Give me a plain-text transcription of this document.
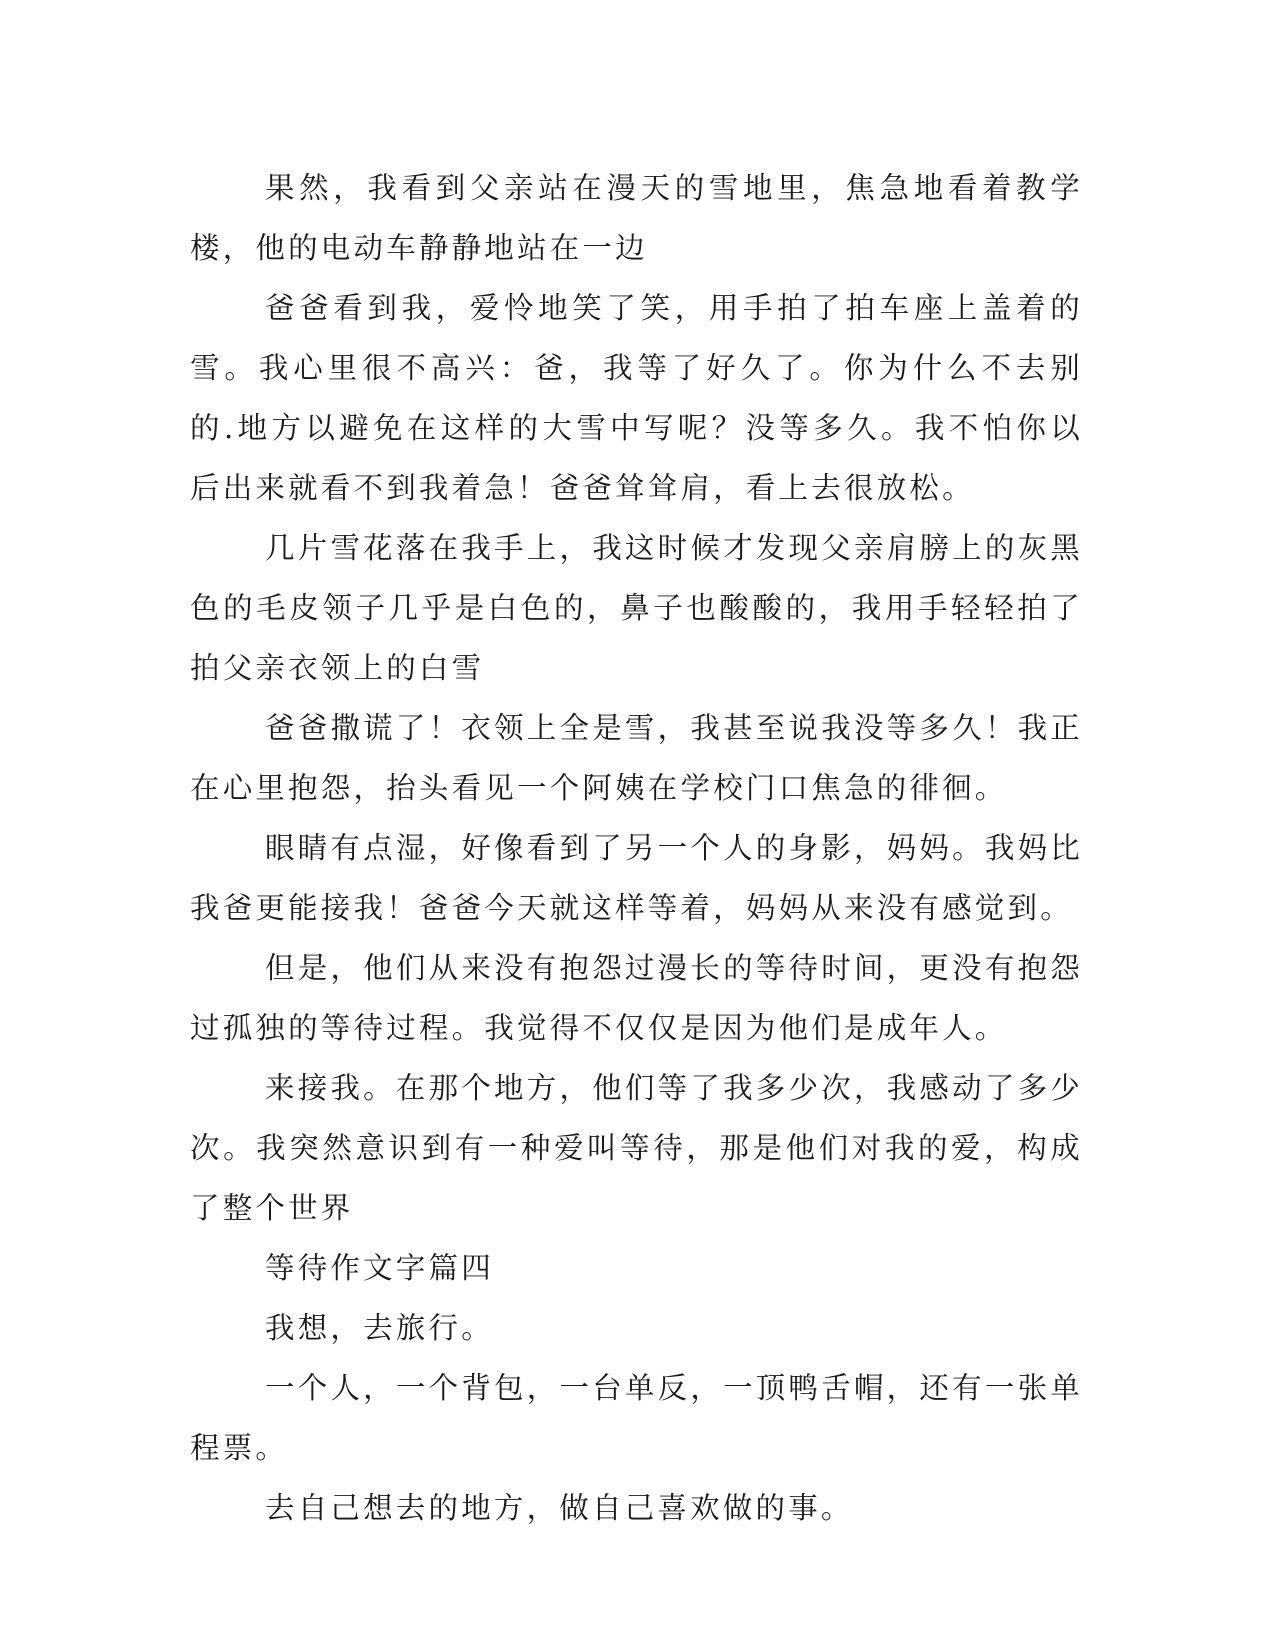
果然，我看到父亲站在漫天的雪地里，焦急地看着教学楼，他的电动车静静地站在一边

爸爸看到我，爱怜地笑了笑，用手拍了拍车座上盖着的雪。我心里很不高兴：爸，我等了好久了。你为什么不去别的.地方以避免在这样的大雪中写呢？没等多久。我不怕你以后出来就看不到我着急！爸爸耸耸肩，看上去很放松。

几片雪花落在我手上，我这时候才发现父亲肩膀上的灰黑色的毛皮领子几乎是白色的，鼻子也酸酸的，我用手轻轻拍了拍父亲衣领上的白雪

爸爸撒谎了！衣领上全是雪，我甚至说我没等多久！我正在心里抱怨，抬头看见一个阿姨在学校门口焦急的徘徊。

眼睛有点湿，好像看到了另一个人的身影，妈妈。我妈比我爸更能接我！爸爸今天就这样等着，妈妈从来没有感觉到。

但是，他们从来没有抱怨过漫长的等待时间，更没有抱怨过孤独的等待过程。我觉得不仅仅是因为他们是成年人。

来接我。在那个地方，他们等了我多少次，我感动了多少次。我突然意识到有一种爱叫等待，那是他们对我的爱，构成了整个世界

等待作文字篇四

我想，去旅行。

一个人，一个背包，一台单反，一顶鸭舌帽，还有一张单程票。

去自己想去的地方，做自己喜欢做的事。
